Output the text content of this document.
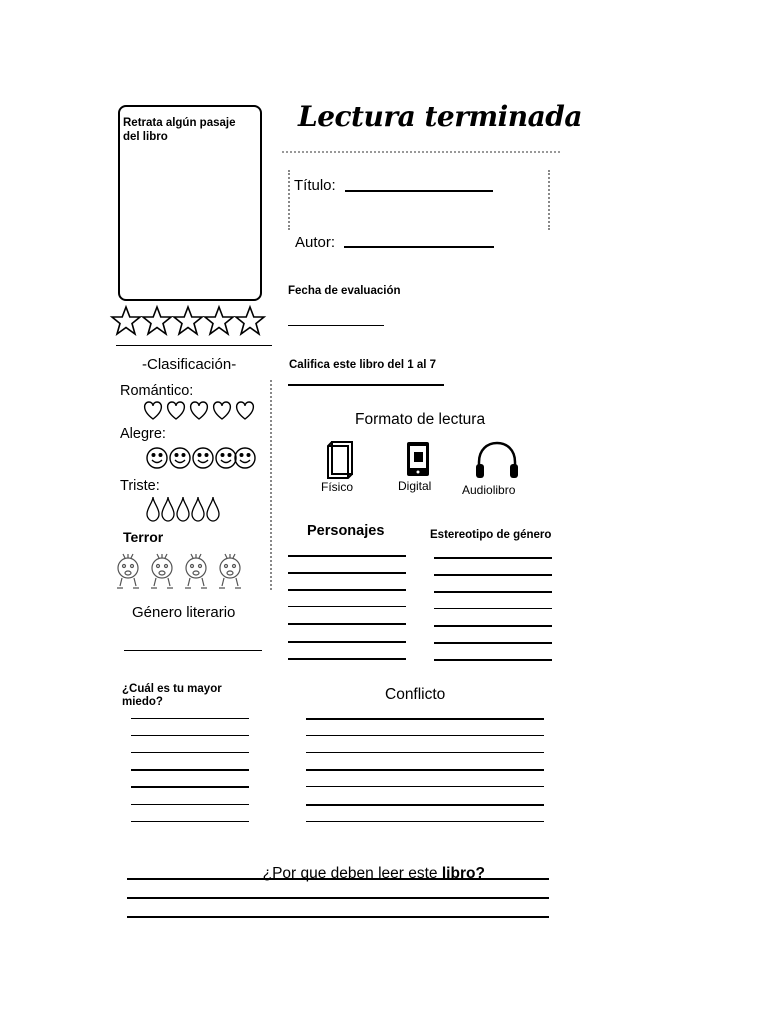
Lectura terminada
Retrata algún pasaje del libro
Título:
Autor:
Fecha de evaluación
Califica este libro del 1 al 7
-Clasificación-
Romántico:
Alegre:
Triste:
Terror
Género literario
Formato de lectura
Físico	Digital	Audiolibro
Personajes	Estereotipo de género
¿Cuál es tu mayor miedo?	Conflicto

¿Por que deben leer este libro?
